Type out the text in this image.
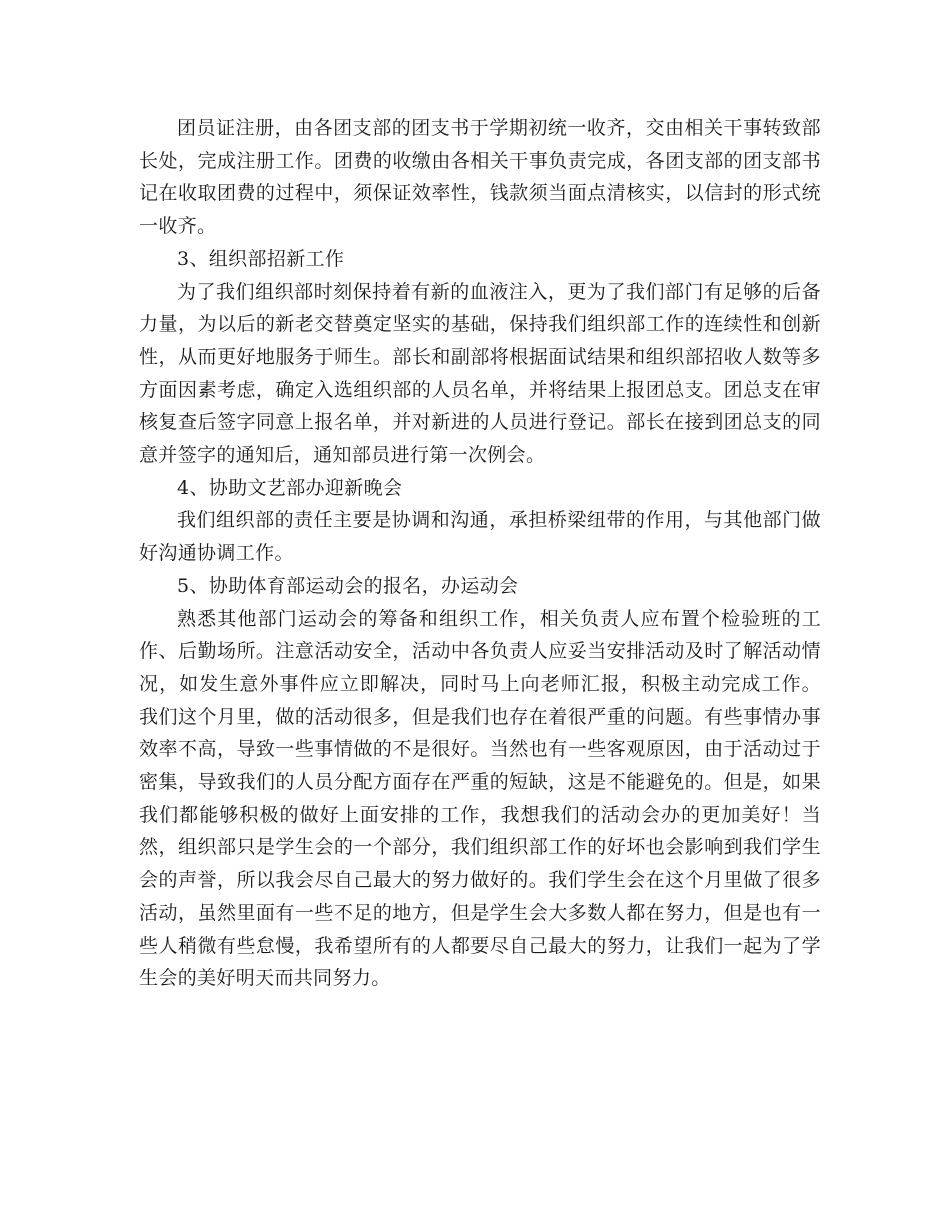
团员证注册，由各团支部的团支书于学期初统一收齐，交由相关干事转致部长处，完成注册工作。团费的收缴由各相关干事负责完成，各团支部的团支部书记在收取团费的过程中，须保证效率性，钱款须当面点清核实，以信封的形式统一收齐。

3、组织部招新工作

为了我们组织部时刻保持着有新的血液注入，更为了我们部门有足够的后备力量，为以后的新老交替奠定坚实的基础，保持我们组织部工作的连续性和创新性，从而更好地服务于师生。部长和副部将根据面试结果和组织部招收人数等多方面因素考虑，确定入选组织部的人员名单，并将结果上报团总支。团总支在审核复查后签字同意上报名单，并对新进的人员进行登记。部长在接到团总支的同意并签字的通知后，通知部员进行第一次例会。

4、协助文艺部办迎新晚会

我们组织部的责任主要是协调和沟通，承担桥梁纽带的作用，与其他部门做好沟通协调工作。

5、协助体育部运动会的报名，办运动会

熟悉其他部门运动会的筹备和组织工作，相关负责人应布置个检验班的工作、后勤场所。注意活动安全，活动中各负责人应妥当安排活动及时了解活动情况，如发生意外事件应立即解决，同时马上向老师汇报，积极主动完成工作。 我们这个月里，做的活动很多，但是我们也存在着很严重的问题。有些事情办事效率不高，导致一些事情做的不是很好。当然也有一些客观原因，由于活动过于密集，导致我们的人员分配方面存在严重的短缺，这是不能避免的。但是，如果我们都能够积极的做好上面安排的工作，我想我们的活动会办的更加美好！当然，组织部只是学生会的一个部分，我们组织部工作的好坏也会影响到我们学生会的声誉，所以我会尽自己最大的努力做好的。我们学生会在这个月里做了很多活动，虽然里面有一些不足的地方，但是学生会大多数人都在努力，但是也有一些人稍微有些怠慢，我希望所有的人都要尽自己最大的努力，让我们一起为了学生会的美好明天而共同努力。
